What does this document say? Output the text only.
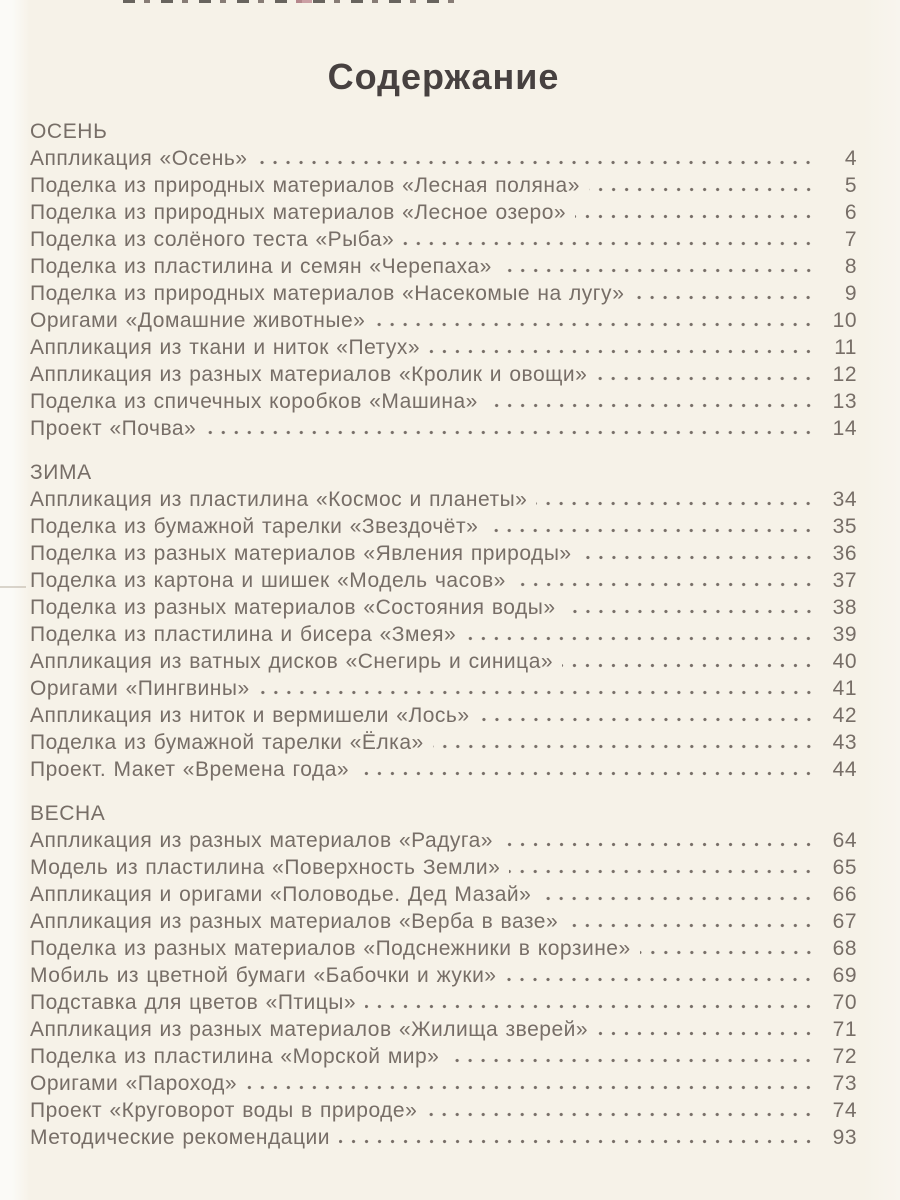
Содержание
ОСЕНЬ
Аппликация «Осень»	4
Поделка из природных материалов «Лесная поляна»	5
Поделка из природных материалов «Лесное озеро»	6
Поделка из солёного теста «Рыба»	7
Поделка из пластилина и семян «Черепаха»	8
Поделка из природных материалов «Насекомые на лугу»	9
Оригами «Домашние животные»	10
Аппликация из ткани и ниток «Петух»	11
Аппликация из разных материалов «Кролик и овощи»	12
Поделка из спичечных коробков «Машина»	13
Проект «Почва»	14
ЗИМА
Аппликация из пластилина «Космос и планеты»	34
Поделка из бумажной тарелки «Звездочёт»	35
Поделка из разных материалов «Явления природы»	36
Поделка из картона и шишек «Модель часов»	37
Поделка из разных материалов «Состояния воды»	38
Поделка из пластилина и бисера «Змея»	39
Аппликация из ватных дисков «Снегирь и синица»	40
Оригами «Пингвины»	41
Аппликация из ниток и вермишели «Лось»	42
Поделка из бумажной тарелки «Ёлка»	43
Проект. Макет «Времена года»	44
ВЕСНА
Аппликация из разных материалов «Радуга»	64
Модель из пластилина «Поверхность Земли»	65
Аппликация и оригами «Половодье. Дед Мазай»	66
Аппликация из разных материалов «Верба в вазе»	67
Поделка из разных материалов «Подснежники в корзине»	68
Мобиль из цветной бумаги «Бабочки и жуки»	69
Подставка для цветов «Птицы»	70
Аппликация из разных материалов «Жилища зверей»	71
Поделка из пластилина «Морской мир»	72
Оригами «Пароход»	73
Проект «Круговорот воды в природе»	74
Методические рекомендации	93
